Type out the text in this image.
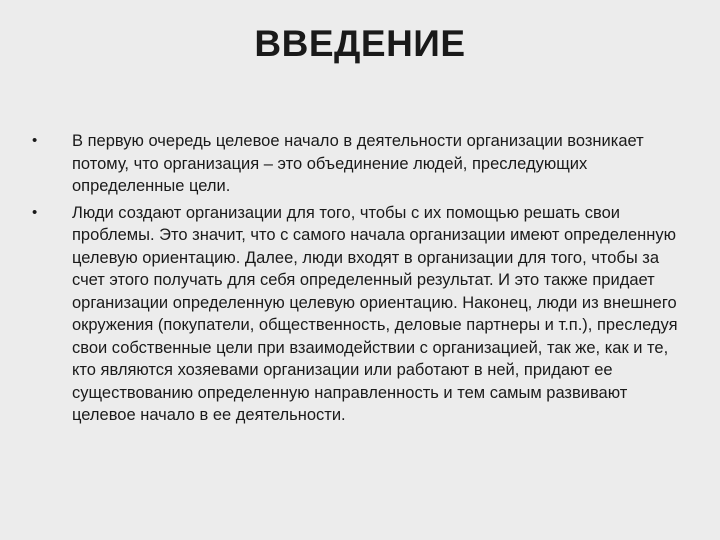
ВВЕДЕНИЕ
• В первую очередь целевое начало в деятельности организации возникает потому, что организация – это объединение людей, преследующих определенные цели.
• Люди создают организации для того, чтобы с их помощью решать свои проблемы. Это значит, что с самого начала организации имеют определенную целевую ориентацию. Далее, люди входят в организации для того, чтобы за счет этого получать для себя определенный результат. И это также придает организации определенную целевую ориентацию. Наконец, люди из внешнего окружения (покупатели, общественность, деловые партнеры и т.п.), преследуя свои собственные цели при взаимодействии с организацией, так же, как и те, кто являются хозяевами организации или работают в ней, придают ее существованию определенную направленность и тем самым развивают целевое начало в ее деятельности.
